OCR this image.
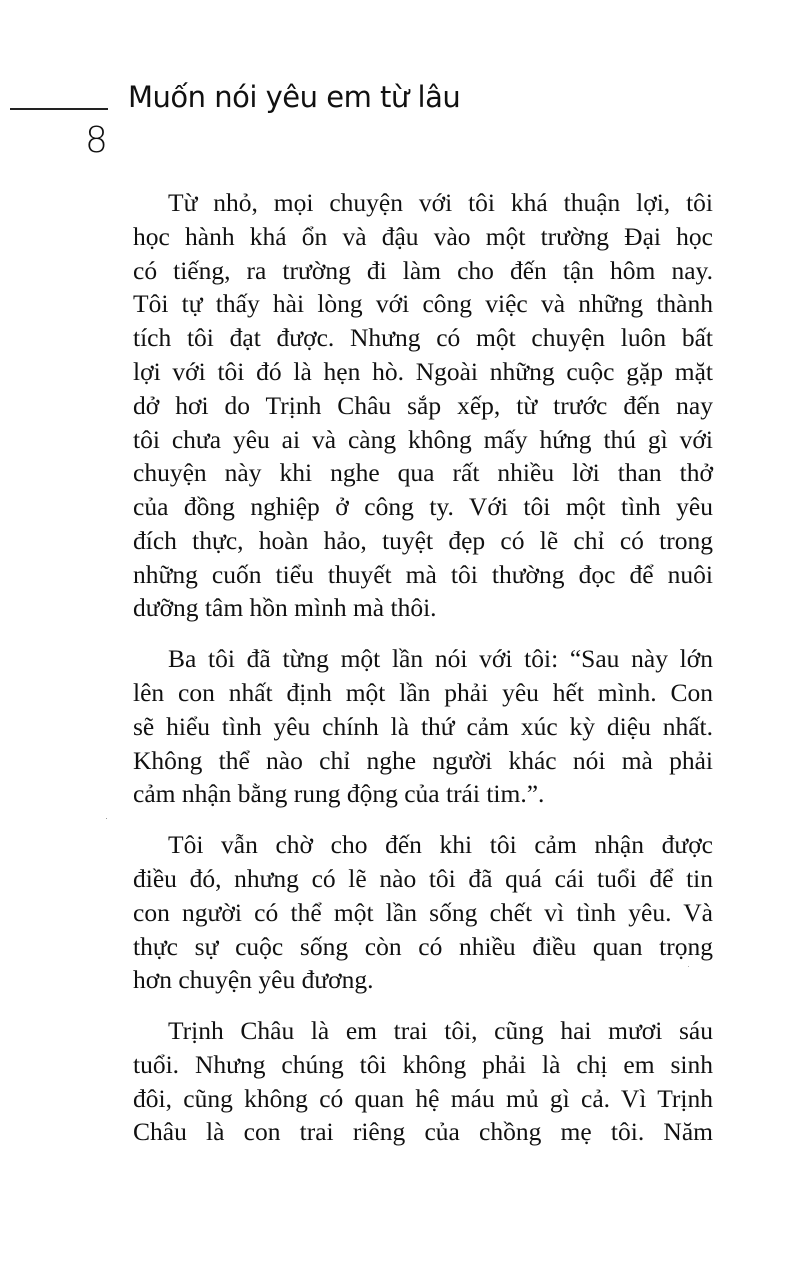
Muốn nói yêu em từ lâu
8
Từ nhỏ, mọi chuyện với tôi khá thuận lợi, tôi
học hành khá ổn và đậu vào một trường Đại học
có tiếng, ra trường đi làm cho đến tận hôm nay.
Tôi tự thấy hài lòng với công việc và những thành
tích tôi đạt được. Nhưng có một chuyện luôn bất
lợi với tôi đó là hẹn hò. Ngoài những cuộc gặp mặt
dở hơi do Trịnh Châu sắp xếp, từ trước đến nay
tôi chưa yêu ai và càng không mấy hứng thú gì với
chuyện này khi nghe qua rất nhiều lời than thở
của đồng nghiệp ở công ty. Với tôi một tình yêu
đích thực, hoàn hảo, tuyệt đẹp có lẽ chỉ có trong
những cuốn tiểu thuyết mà tôi thường đọc để nuôi
dưỡng tâm hồn mình mà thôi.
Ba tôi đã từng một lần nói với tôi: “Sau này lớn
lên con nhất định một lần phải yêu hết mình. Con
sẽ hiểu tình yêu chính là thứ cảm xúc kỳ diệu nhất.
Không thể nào chỉ nghe người khác nói mà phải
cảm nhận bằng rung động của trái tim.”.
Tôi vẫn chờ cho đến khi tôi cảm nhận được
điều đó, nhưng có lẽ nào tôi đã quá cái tuổi để tin
con người có thể một lần sống chết vì tình yêu. Và
thực sự cuộc sống còn có nhiều điều quan trọng
hơn chuyện yêu đương.
Trịnh Châu là em trai tôi, cũng hai mươi sáu
tuổi. Nhưng chúng tôi không phải là chị em sinh
đôi, cũng không có quan hệ máu mủ gì cả. Vì Trịnh
Châu là con trai riêng của chồng mẹ tôi. Năm
